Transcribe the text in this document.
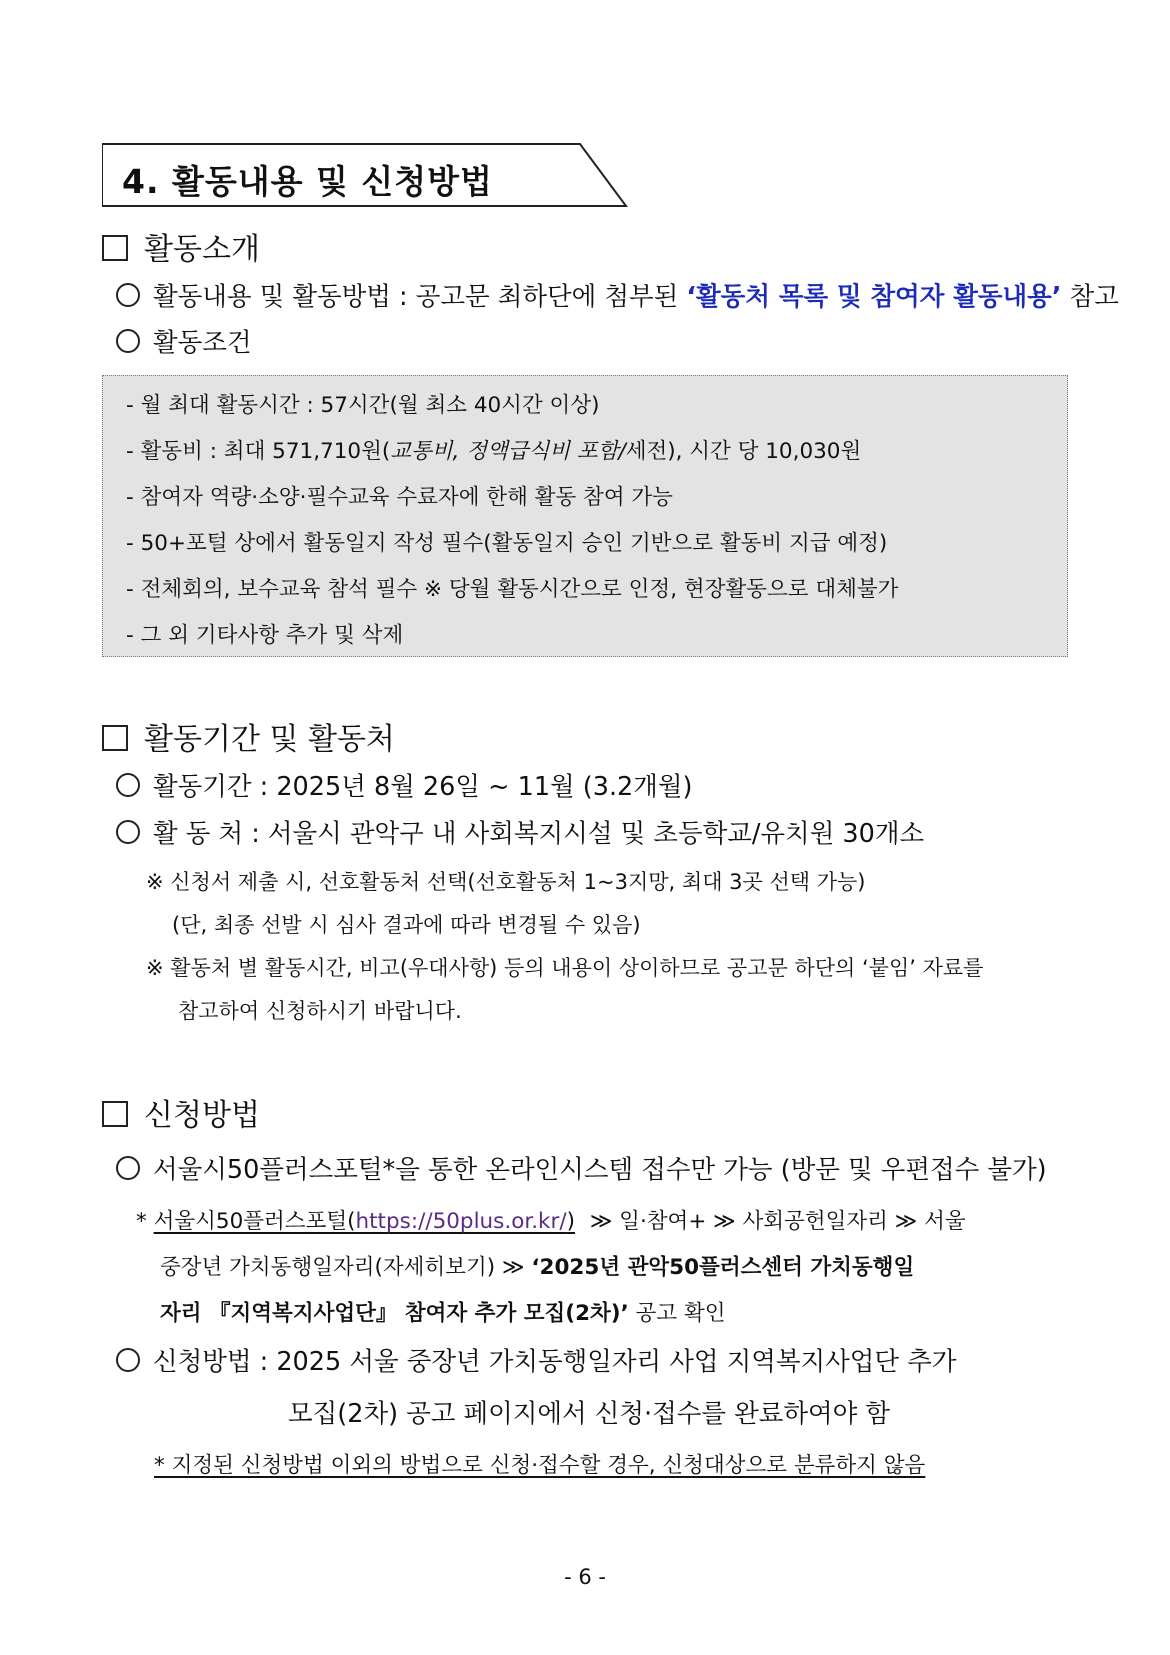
4. 활동내용 및 신청방법
활동소개
활동내용 및 활동방법 : 공고문 최하단에 첨부된 ‘활동처 목록 및 참여자 활동내용’ 참고
활동조건
- 월 최대 활동시간 : 57시간(월 최소 40시간 이상)
- 활동비 : 최대 571,710원(교통비, 정액급식비 포함/세전), 시간 당 10,030원
- 참여자 역량·소양·필수교육 수료자에 한해 활동 참여 가능
- 50+포털 상에서 활동일지 작성 필수(활동일지 승인 기반으로 활동비 지급 예정)
- 전체회의, 보수교육 참석 필수 ※ 당월 활동시간으로 인정, 현장활동으로 대체불가
- 그 외 기타사항 추가 및 삭제
활동기간 및 활동처
활동기간 : 2025년 8월 26일 ~ 11월 (3.2개월)
활 동 처 : 서울시 관악구 내 사회복지시설 및 초등학교/유치원 30개소
※ 신청서 제출 시, 선호활동처 선택(선호활동처 1~3지망, 최대 3곳 선택 가능)
(단, 최종 선발 시 심사 결과에 따라 변경될 수 있음)
※ 활동처 별 활동시간, 비고(우대사항) 등의 내용이 상이하므로 공고문 하단의 ‘붙임’ 자료를
참고하여 신청하시기 바랍니다.
신청방법
서울시50플러스포털*을 통한 온라인시스템 접수만 가능 (방문 및 우편접수 불가)
* 서울시50플러스포털(https://50plus.or.kr/) ≫ 일·참여+ ≫ 사회공헌일자리 ≫ 서울
중장년 가치동행일자리(자세히보기) ≫ ‘2025년 관악50플러스센터 가치동행일
자리 『지역복지사업단』 참여자 추가 모집(2차)’ 공고 확인
신청방법 : 2025 서울 중장년 가치동행일자리 사업 지역복지사업단 추가
모집(2차) 공고 페이지에서 신청·접수를 완료하여야 함
* 지정된 신청방법 이외의 방법으로 신청·접수할 경우, 신청대상으로 분류하지 않음
- 6 -
